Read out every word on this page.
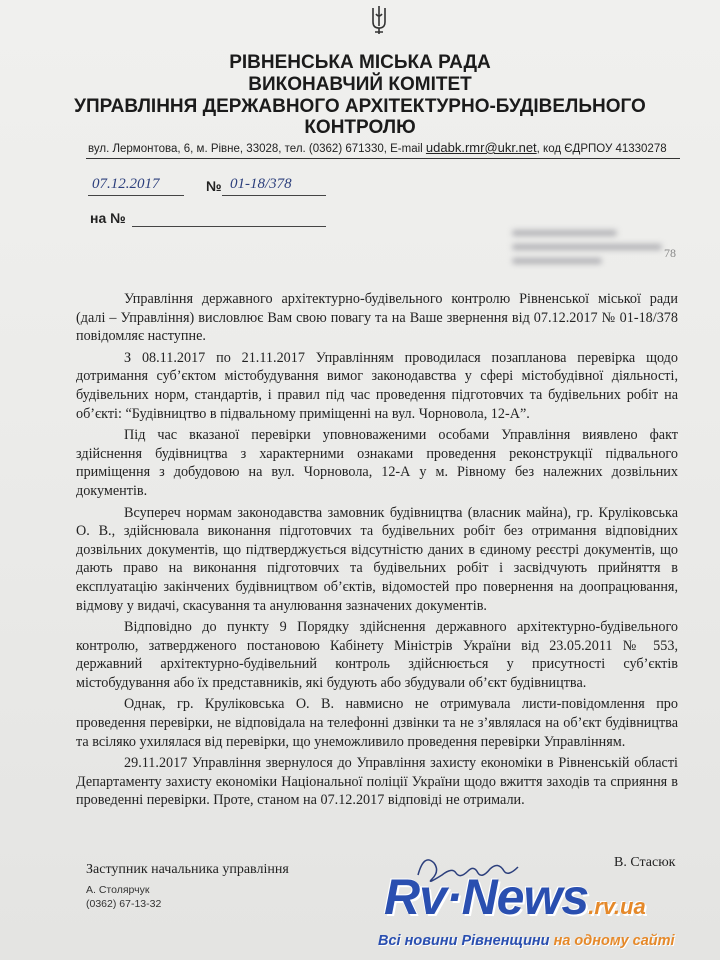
РІВНЕНСЬКА МІСЬКА РАДА
ВИКОНАВЧИЙ КОМІТЕТ
УПРАВЛІННЯ ДЕРЖАВНОГО АРХІТЕКТУРНО-БУДІВЕЛЬНОГО
КОНТРОЛЮ
вул. Лермонтова, 6, м. Рівне, 33028, тел. (0362) 671330, E-mail udabk.rmr@ukr.net, код ЄДРПОУ 41330278
07.12.2017	№ 01-18/378
на №
78

Управління державного архітектурно-будівельного контролю Рівненської міської ради (далі – Управління) висловлює Вам свою повагу та на Ваше звернення від 07.12.2017 № 01-18/378 повідомляє наступне.

З 08.11.2017 по 21.11.2017 Управлінням проводилася позапланова перевірка щодо дотримання суб’єктом містобудування вимог законодавства у сфері містобудівної діяльності, будівельних норм, стандартів, і правил під час проведення підготовчих та будівельних робіт на об’єкті: “Будівництво в підвальному приміщенні на вул. Чорновола, 12-А”.

Під час вказаної перевірки уповноваженими особами Управління виявлено факт здійснення будівництва з характерними ознаками проведення реконструкції підвального приміщення з добудовою на вул. Чорновола, 12-А у м. Рівному без належних дозвільних документів.

Всупереч нормам законодавства замовник будівництва (власник майна), гр. Круліковська О. В., здійснювала виконання підготовчих та будівельних робіт без отримання відповідних дозвільних документів, що підтверджується відсутністю даних в єдиному реєстрі документів, що дають право на виконання підготовчих та будівельних робіт і засвідчують прийняття в експлуатацію закінчених будівництвом об’єктів, відомостей про повернення на доопрацювання, відмову у видачі, скасування та анулювання зазначених документів.

Відповідно до пункту 9 Порядку здійснення державного архітектурно-будівельного контролю, затвердженого постановою Кабінету Міністрів України від 23.05.2011 № 553, державний архітектурно-будівельний контроль здійснюється у присутності суб’єктів містобудування або їх представників, які будують або збудували об’єкт будівництва.

Однак, гр. Круліковська О. В. навмисно не отримувала листи-повідомлення про проведення перевірки, не відповідала на телефонні дзвінки та не з’являлася на об’єкт будівництва та всіляко ухилялася від перевірки, що унеможливило проведення перевірки Управлінням.

29.11.2017 Управління звернулося до Управління захисту економіки в Рівненській області Департаменту захисту економіки Національної поліції України щодо вжиття заходів та сприяння в проведенні перевірки. Проте, станом на 07.12.2017 відповіді не отримали.

Заступник начальника управління	В. Стасюк
А. Столярчук
(0362) 67-13-32	Rv·News.rv.ua
Всі новини Рівненщини на одному сайті
